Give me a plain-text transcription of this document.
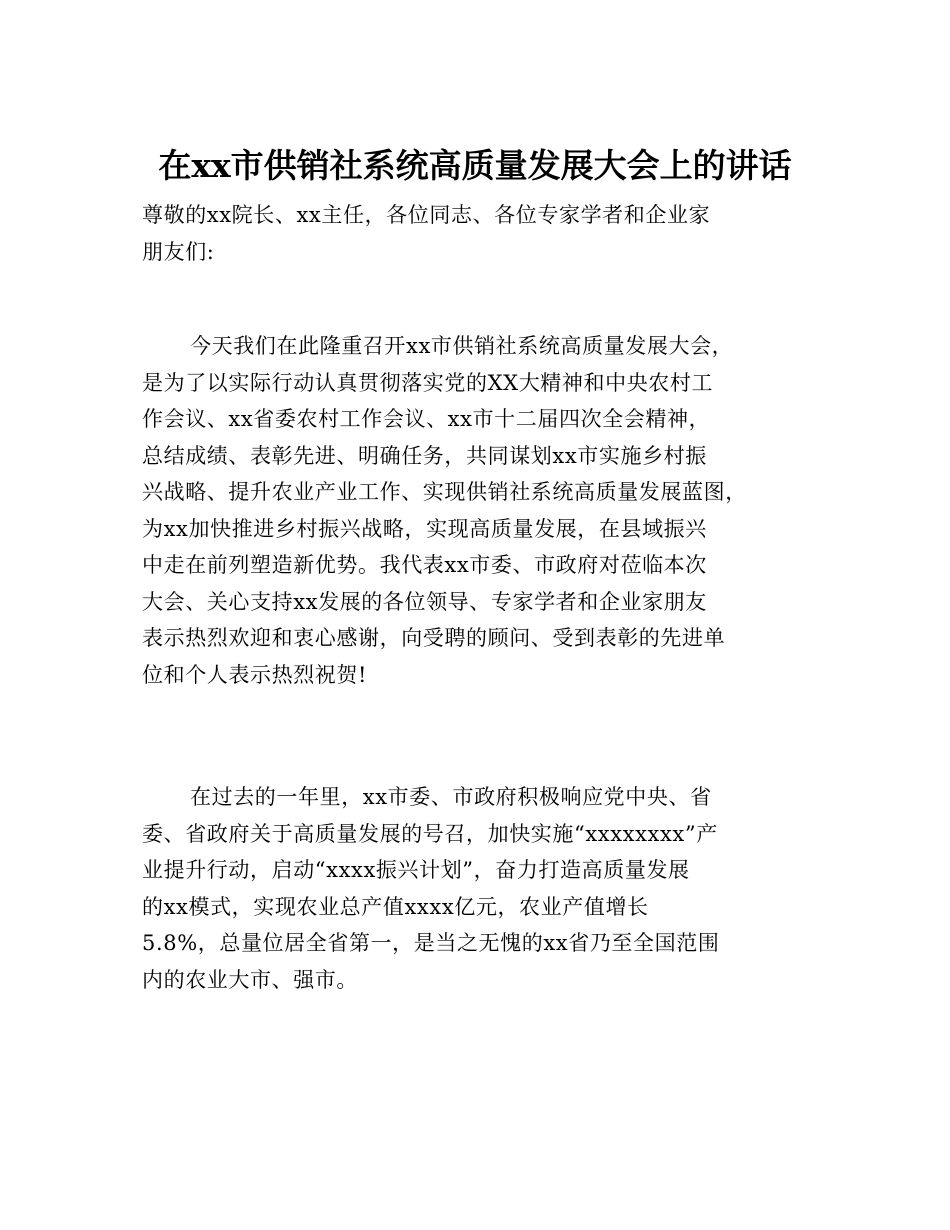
在xx市供销社系统高质量发展大会上的讲话
尊敬的xx院长、xx主任，各位同志、各位专家学者和企业家
朋友们:
今天我们在此隆重召开xx市供销社系统高质量发展大会，
是为了以实际行动认真贯彻落实党的XX大精神和中央农村工
作会议、xx省委农村工作会议、xx市十二届四次全会精神，
总结成绩、表彰先进、明确任务，共同谋划xx市实施乡村振
兴战略、提升农业产业工作、实现供销社系统高质量发展蓝图，
为xx加快推进乡村振兴战略，实现高质量发展，在县域振兴
中走在前列塑造新优势。我代表xx市委、市政府对莅临本次
大会、关心支持xx发展的各位领导、专家学者和企业家朋友
表示热烈欢迎和衷心感谢，向受聘的顾问、受到表彰的先进单
位和个人表示热烈祝贺!
在过去的一年里，xx市委、市政府积极响应党中央、省
委、省政府关于高质量发展的号召，加快实施“xxxxxxxx”产
业提升行动，启动“xxxx振兴计划”，奋力打造高质量发展
的xx模式，实现农业总产值xxxx亿元，农业产值增长
5.8%，总量位居全省第一，是当之无愧的xx省乃至全国范围
内的农业大市、强市。
